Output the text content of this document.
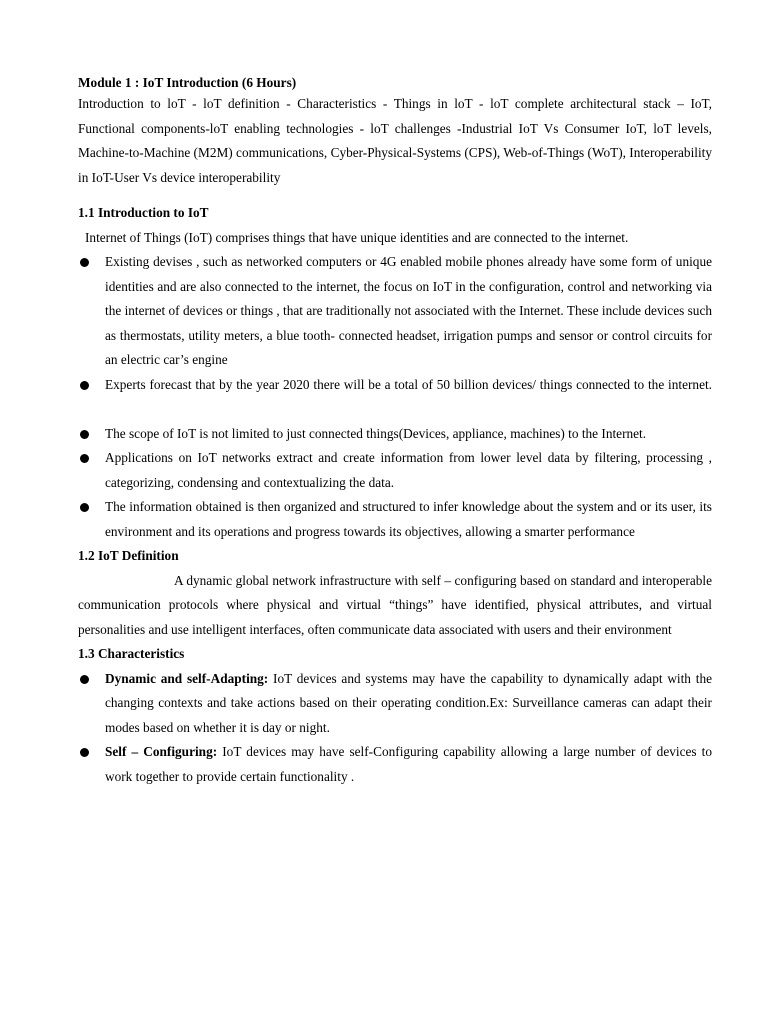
Module 1 : IoT Introduction (6 Hours)

Introduction to loT - loT definition - Characteristics - Things in loT - loT complete architectural stack – IoT, Functional components-loT enabling technologies - loT challenges -Industrial IoT Vs Consumer IoT, loT levels, Machine-to-Machine (M2M) communications, Cyber-Physical-Systems (CPS), Web-of-Things (WoT), Interoperability in IoT-User Vs device interoperability

1.1 Introduction to IoT

Internet of Things (IoT) comprises things that have unique identities and are connected to the internet.

Existing devises , such as networked computers or 4G enabled mobile phones already have some form of unique identities and are also connected to the internet, the focus on IoT in the configuration, control and networking via the internet of devices or things , that are traditionally not associated with the Internet. These include devices such as thermostats, utility meters, a blue tooth- connected headset, irrigation pumps and sensor or control circuits for an electric car’s engine
Experts forecast that by the year 2020 there will be a total of 50 billion devices/ things connected to the internet.
The scope of IoT is not limited to just connected things(Devices, appliance, machines) to the Internet.
Applications on IoT networks extract and create information from lower level data by filtering, processing , categorizing, condensing and contextualizing the data.
The information obtained is then organized and structured to infer knowledge about the system and or its user, its environment and its operations and progress towards its objectives, allowing a smarter performance
1.2 IoT Definition

A dynamic global network infrastructure with self – configuring based on standard and interoperable communication protocols where physical and virtual “things” have identified, physical attributes, and virtual personalities and use intelligent interfaces, often communicate data associated with users and their environment

1.3 Characteristics
Dynamic and self-Adapting: IoT devices and systems may have the capability to dynamically adapt with the changing contexts and take actions based on their operating condition.Ex: Surveillance cameras can adapt their modes based on whether it is day or night.
Self – Configuring: IoT devices may have self-Configuring capability allowing a large number of devices to work together to provide certain functionality .
